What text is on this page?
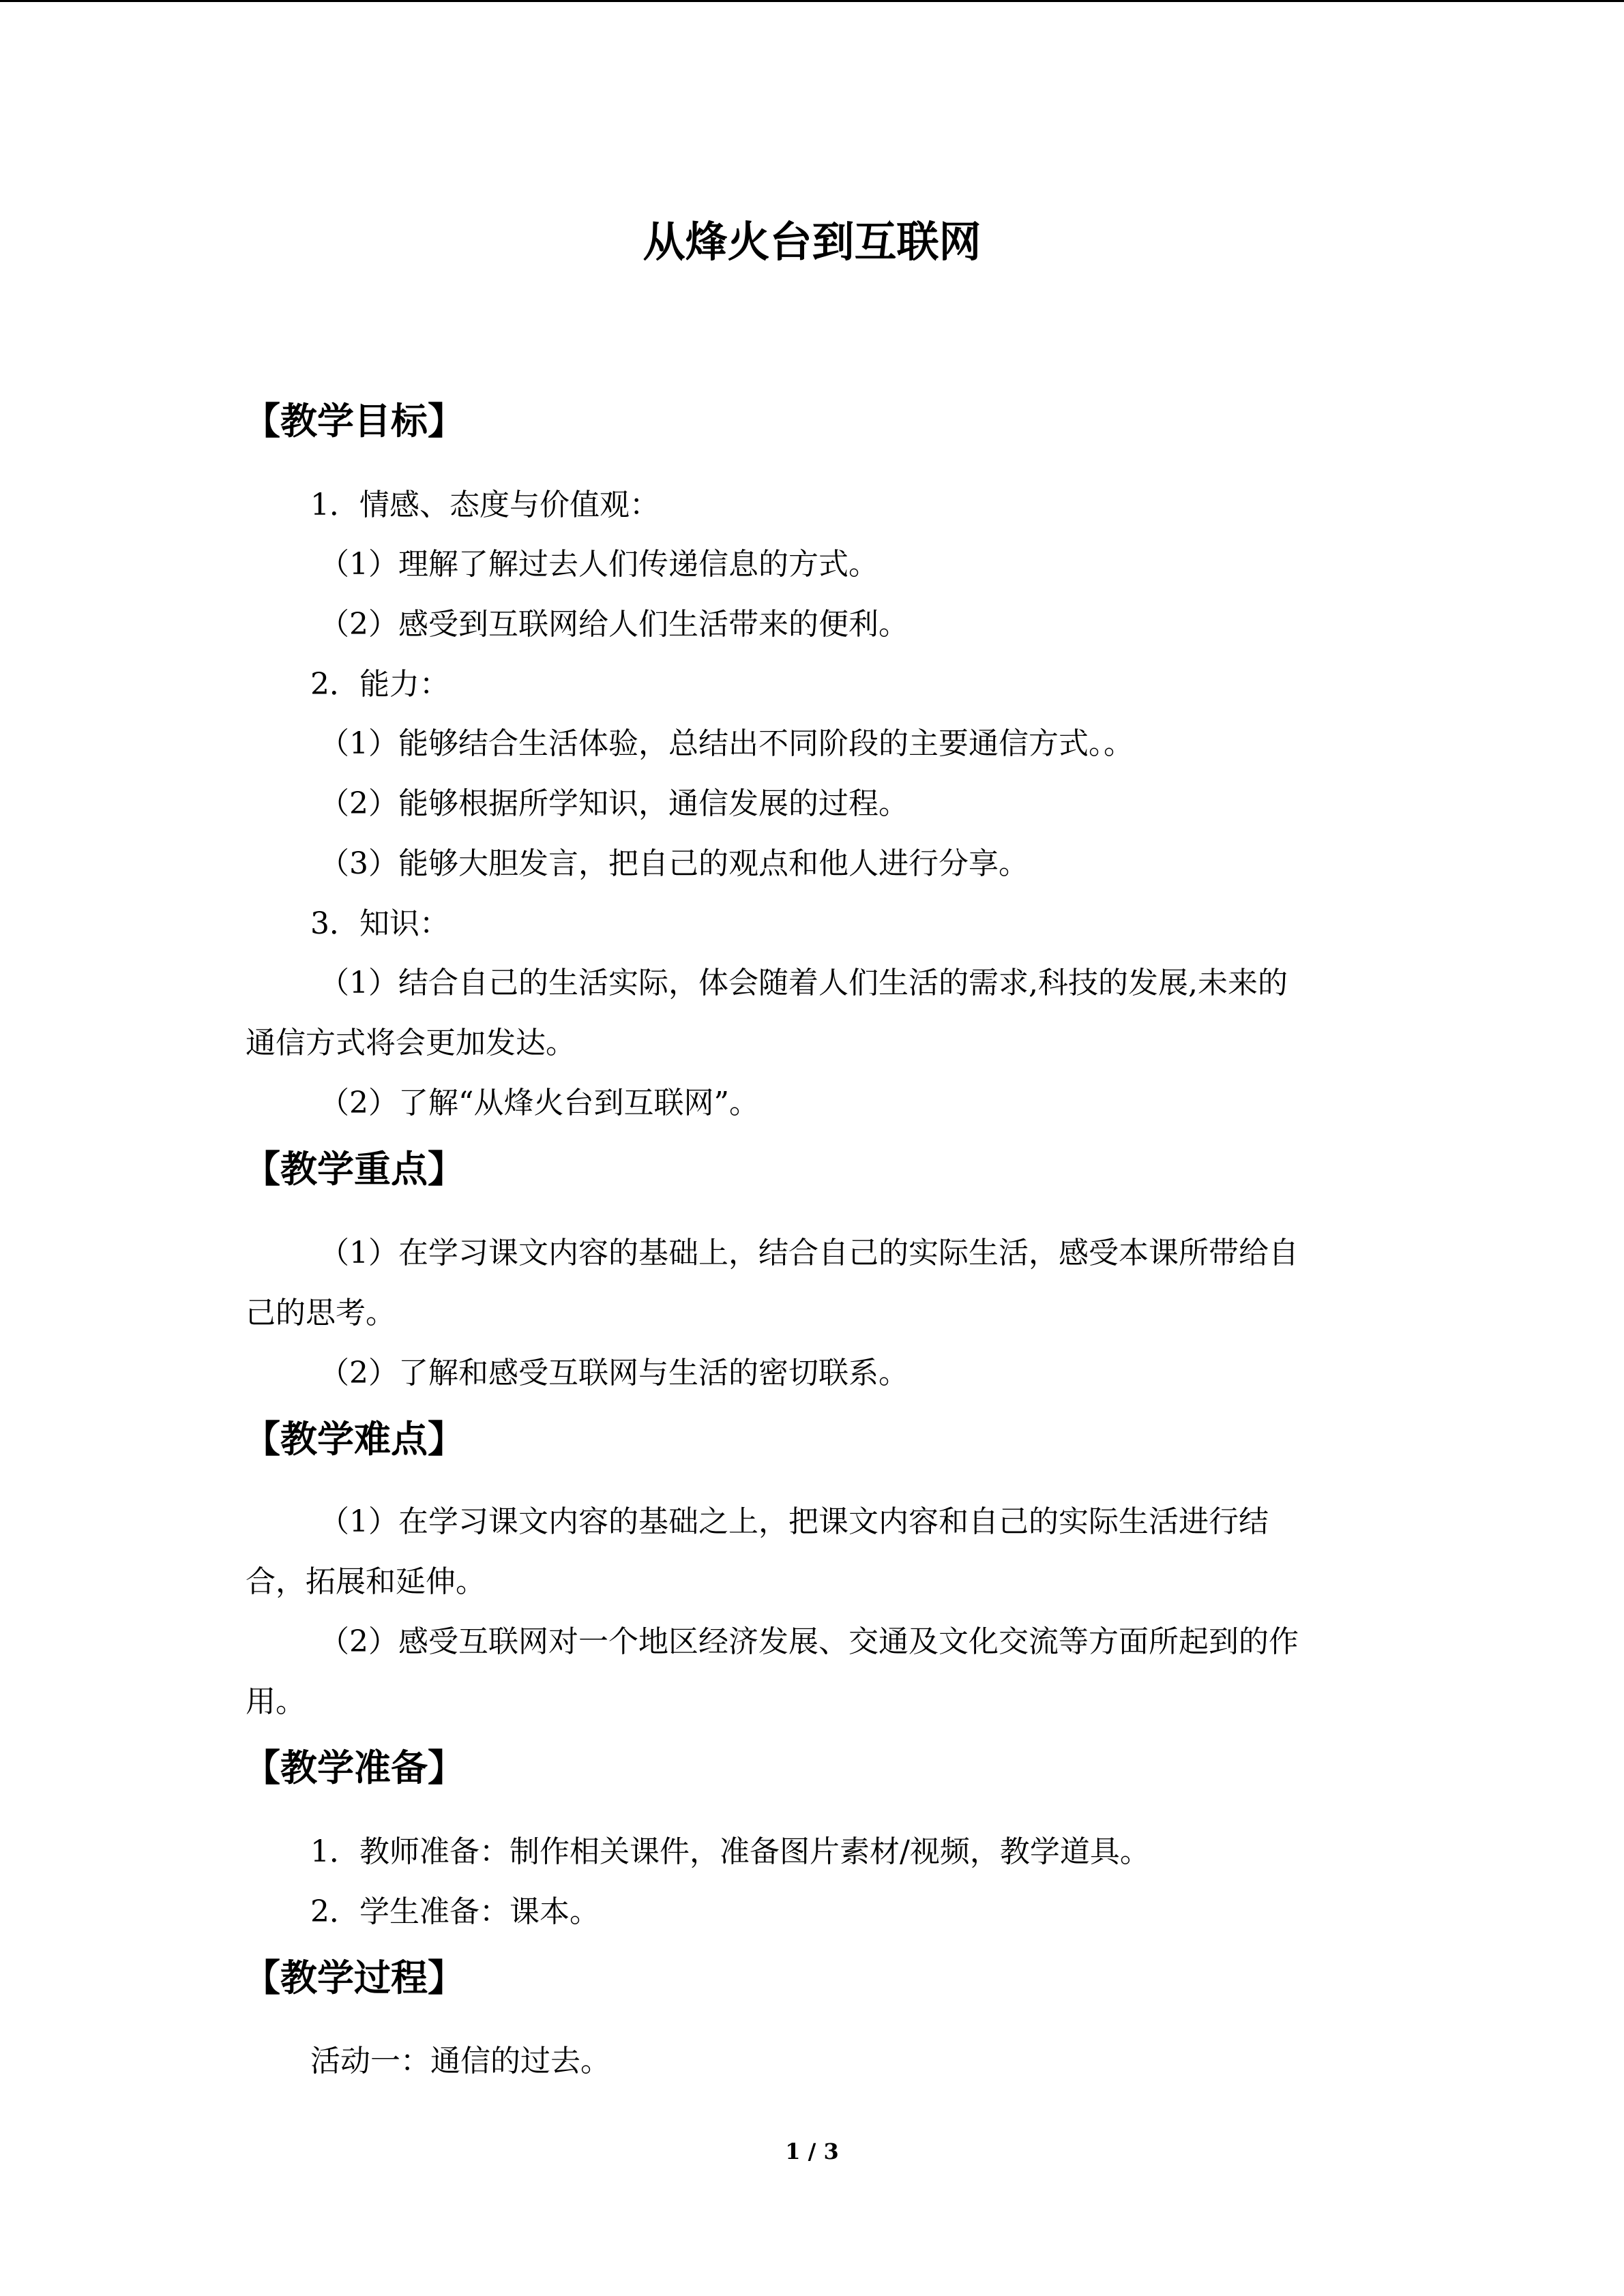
从烽火台到互联网
【教学目标】
1．情感、态度与价值观：
（1）理解了解过去人们传递信息的方式。
（2）感受到互联网给人们生活带来的便利。
2．能力：
（1）能够结合生活体验，总结出不同阶段的主要通信方式。。
（2）能够根据所学知识，通信发展的过程。
（3）能够大胆发言，把自己的观点和他人进行分享。
3．知识：
（1）结合自己的生活实际，体会随着人们生活的需求,科技的发展,未来的
通信方式将会更加发达。
（2）了解“从烽火台到互联网”。
【教学重点】
（1）在学习课文内容的基础上，结合自己的实际生活，感受本课所带给自
己的思考。
（2）了解和感受互联网与生活的密切联系。
【教学难点】
（1）在学习课文内容的基础之上，把课文内容和自己的实际生活进行结
合，拓展和延伸。
（2）感受互联网对一个地区经济发展、交通及文化交流等方面所起到的作
用。
【教学准备】
1．教师准备：制作相关课件，准备图片素材/视频，教学道具。
2．学生准备：课本。
【教学过程】
活动一：通信的过去。
1 / 3
